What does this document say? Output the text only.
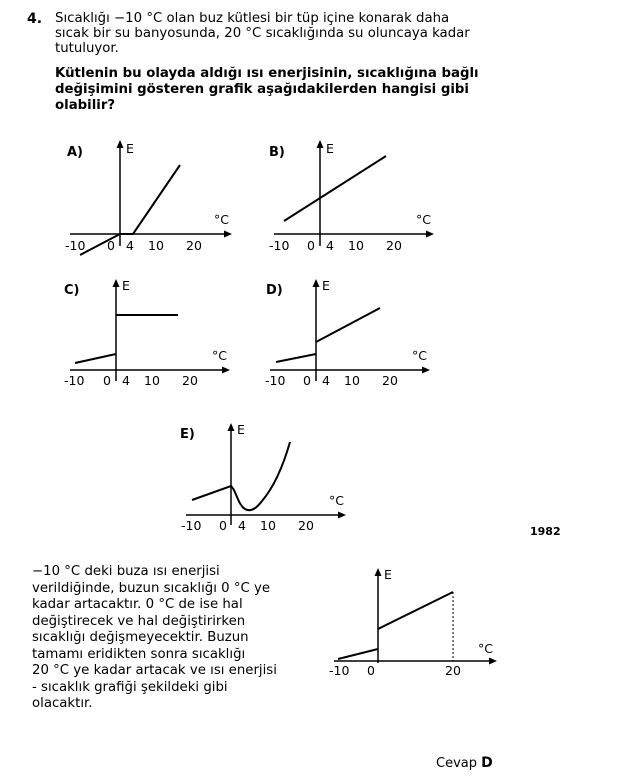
4. Sıcaklığı −10 °C olan buz kütlesi bir tüp içine konarak daha
sıcak bir su banyosunda, 20 °C sıcaklığında su oluncaya kadar
tutuluyor.
Kütlenin bu olayda aldığı ısı enerjisinin, sıcaklığına bağlı
değişimini gösteren grafik aşağıdakilerden hangisi gibi
olabilir?
A)	E
°C
-10 0 4 10 20
B)	E
°C
-10 0 4 10 20
C)	E
°C
-10 0 4 10 20
D)	E
°C
-10 0 4 10 20
E)	E
°C
-10 0 4 10 20	1982
−10 °C deki buza ısı enerjisi
verildiğinde, buzun sıcaklığı 0 °C ye
kadar artacaktır. 0 °C de ise hal
değiştirecek ve hal değiştirirken
sıcaklığı değişmeyecektir. Buzun
tamamı eridikten sonra sıcaklığı
20 °C ye kadar artacak ve ısı enerjisi
- sıcaklık grafiği şekildeki gibi
olacaktır.
E
°C
-10 0	20
Cevap D
